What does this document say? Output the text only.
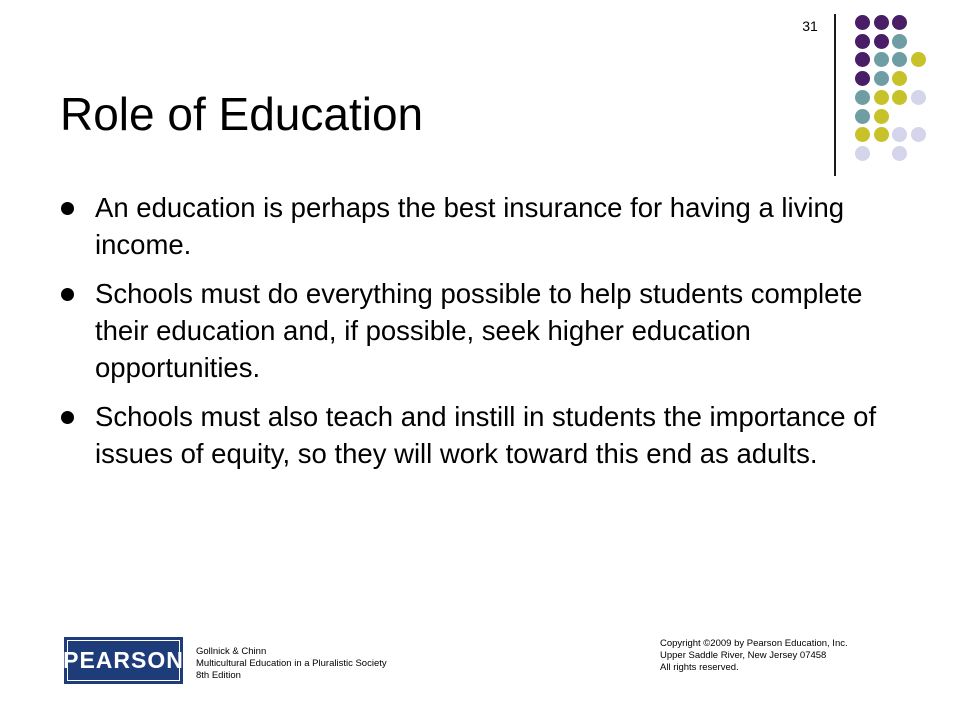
31
Role of Education
An education is perhaps the best insurance for having a living income.
Schools must do everything possible to help students complete their education and, if possible, seek higher education opportunities.
Schools must also teach and instill in students the importance of issues of equity, so they will work toward this end as adults.
PEARSON Gollnick & Chinn
Multicultural Education in a Pluralistic Society
8th Edition
Copyright ©2009 by Pearson Education, Inc.
Upper Saddle River, New Jersey 07458
All rights reserved.
